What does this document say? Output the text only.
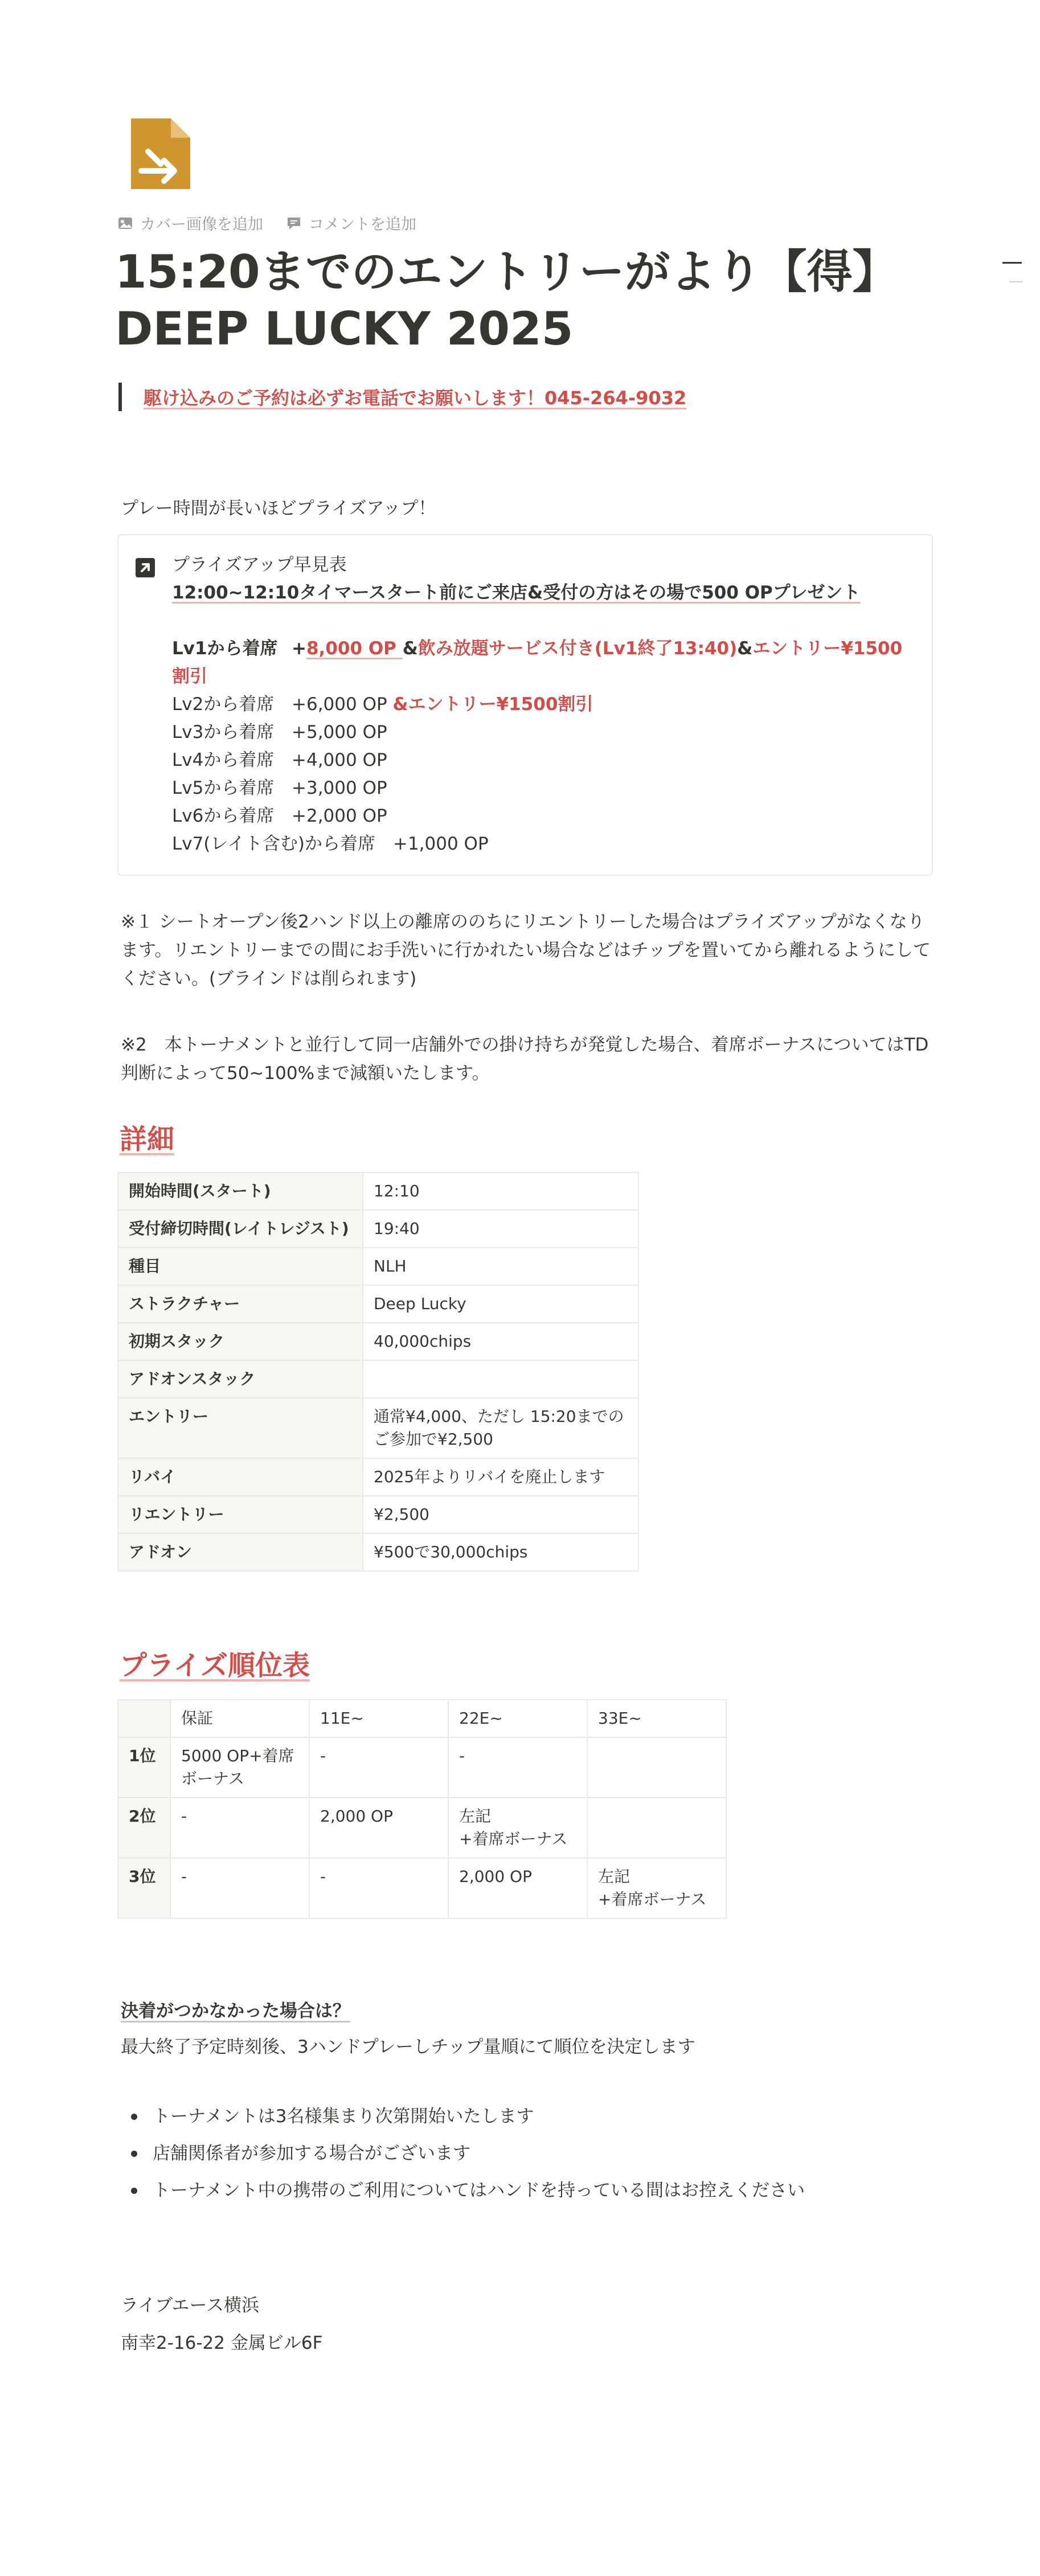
カバー画像を追加	コメントを追加
15:20までのエントリーがより【得】
DEEP LUCKY 2025
駆け込みのご予約は必ずお電話でお願いします！045-264-9032

プレー時間が長いほどプライズアップ！

プライズアップ早見表
12:00~12:10タイマースタート前にご来店&受付の方はその場で500 OPプレゼント
Lv1から着席 +8,000 OP &飲み放題サービス付き(Lv1終了13:40)&エントリー¥1500割引
Lv2から着席 +6,000 OP &エントリー¥1500割引
Lv3から着席 +5,000 OP
Lv4から着席 +4,000 OP
Lv5から着席 +3,000 OP
Lv6から着席 +2,000 OP
Lv7(レイト含む)から着席　+1,000 OP

※１ シートオープン後2ハンド以上の離席ののちにリエントリーした場合はプライズアップがなくなります。リエントリーまでの間にお手洗いに行かれたい場合などはチップを置いてから離れるようにしてください。(ブラインドは削られます)

※2　本トーナメントと並行して同一店舗外での掛け持ちが発覚した場合、着席ボーナスについてはTD判断によって50~100%まで減額いたします。

詳細
開始時間(スタート)	12:10
受付締切時間(レイトレジスト)	19:40
種目	NLH
ストラクチャー	Deep Lucky
初期スタック	40,000chips
アドオンスタック	
エントリー	通常¥4,000、ただし 15:20までのご参加で¥2,500
リバイ	2025年よりリバイを廃止します
リエントリー	¥2,500
アドオン	¥500で30,000chips
プライズ順位表
	保証	11E~	22E~	33E~
1位	5000 OP+着席ボーナス	-	-	
2位	-	2,000 OP	左記
+着席ボーナス	
3位	-	-	2,000 OP	左記
+着席ボーナス

決着がつかなかった場合は？

最大終了予定時刻後、3ハンドプレーしチップ量順にて順位を決定します

トーナメントは3名様集まり次第開始いたします
店舗関係者が参加する場合がございます
トーナメント中の携帯のご利用についてはハンドを持っている間はお控えください

ライブエース横浜

南幸2-16-22 金属ビル6F
